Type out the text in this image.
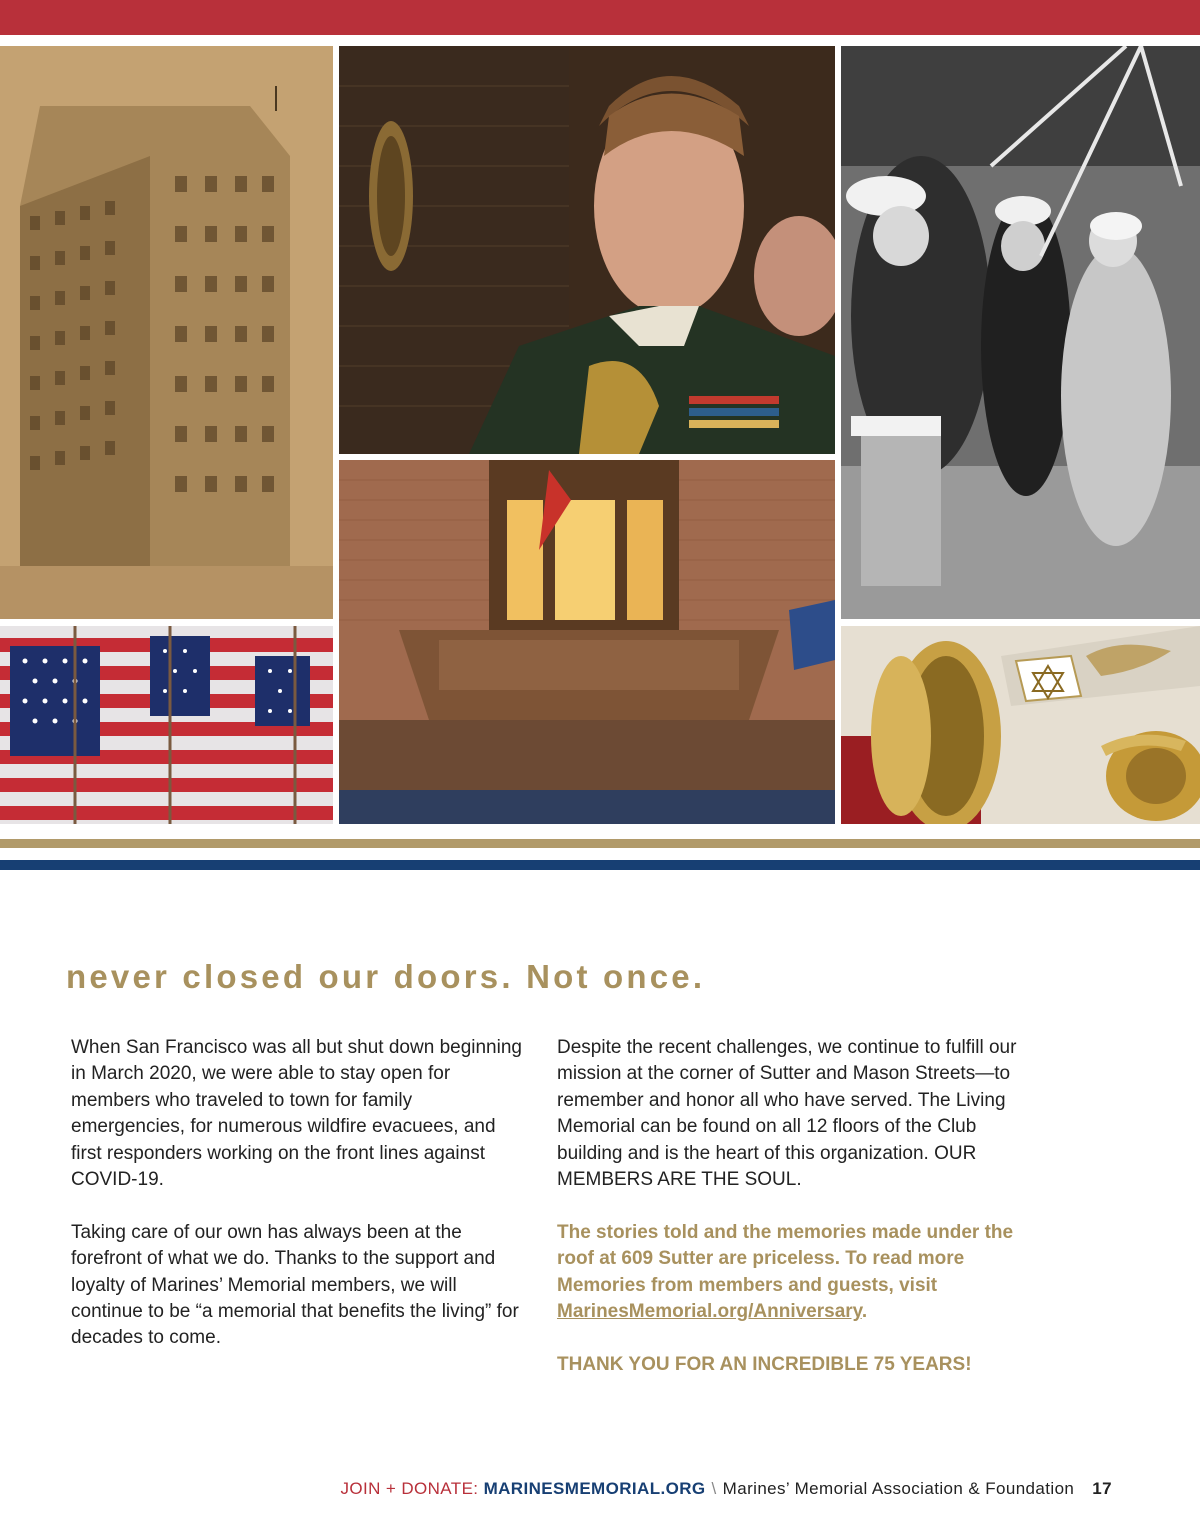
never closed our doors. Not once.

When San Francisco was all but shut down beginning in March 2020, we were able to stay open for members who traveled to town for family emergencies, for numerous wildfire evacuees, and first responders working on the front lines against COVID-19.

Taking care of our own has always been at the forefront of what we do. Thanks to the support and loyalty of Marines’ Memorial members, we will continue to be “a memorial that benefits the living” for decades to come.

Despite the recent challenges, we continue to fulfill our mission at the corner of Sutter and Mason Streets—to remember and honor all who have served. The Living Memorial can be found on all 12 floors of the Club building and is the heart of this organization. OUR MEMBERS ARE THE SOUL.

The stories told and the memories made under the roof at 609 Sutter are priceless. To read more Memories from members and guests, visit MarinesMemorial.org/Anniversary.

THANK YOU FOR AN INCREDIBLE 75 YEARS!

JOIN + DONATE: MARINESMEMORIAL.ORG \ Marines’ Memorial Association & Foundation 17
